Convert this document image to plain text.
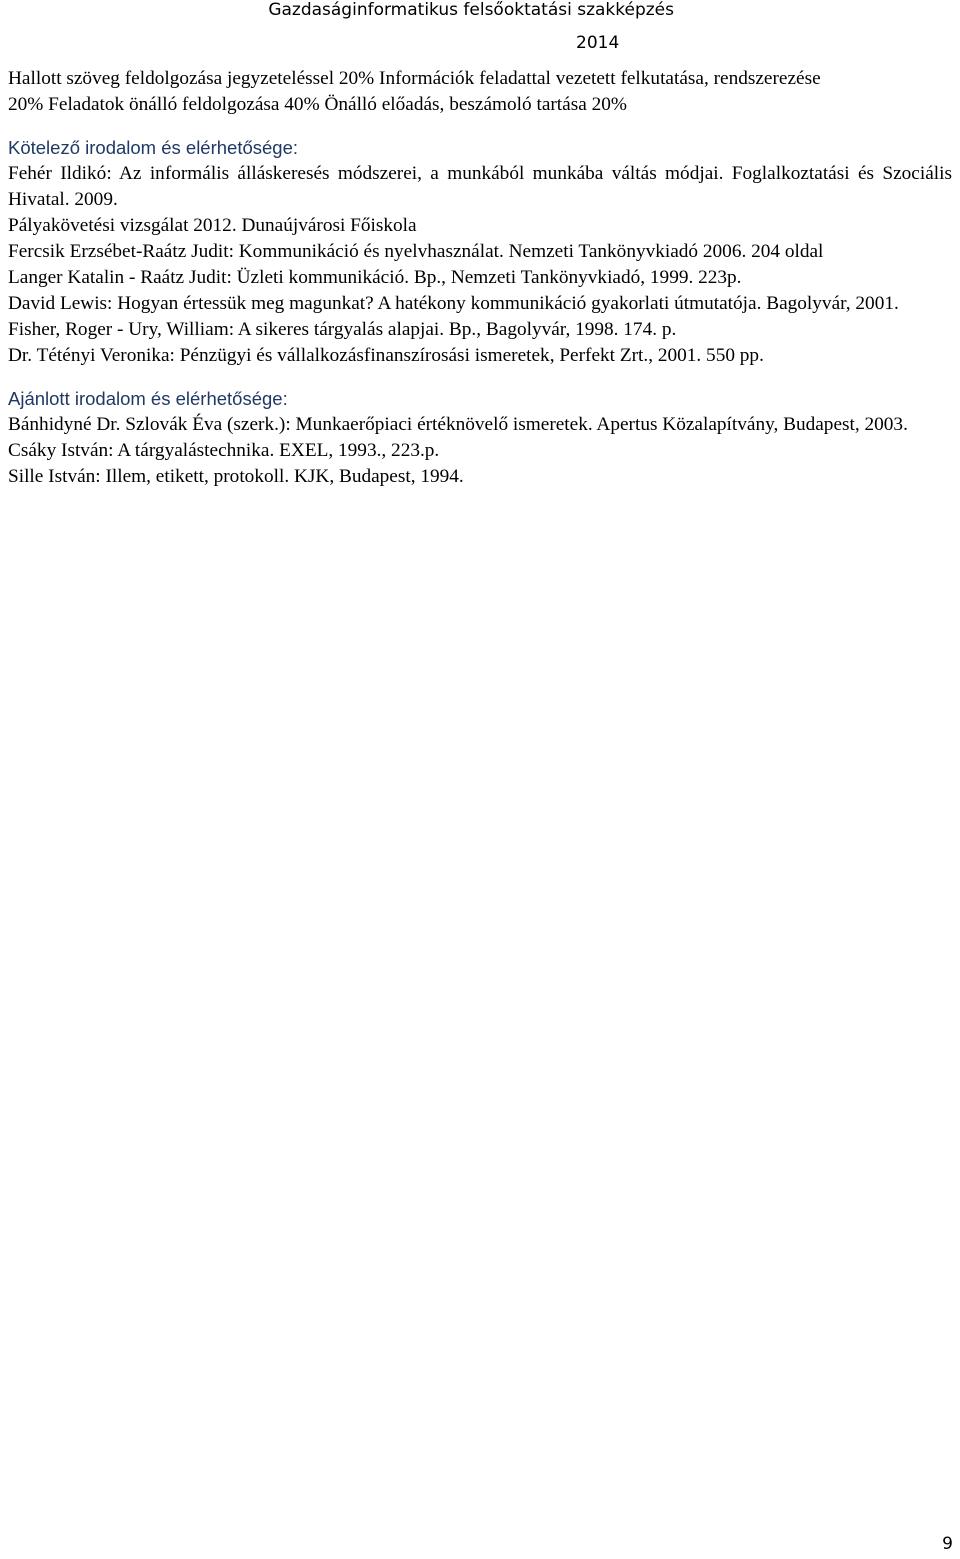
Gazdaságinformatikus felsőoktatási szakképzés
2014

Hallott szöveg feldolgozása jegyzeteléssel 20% Információk feladattal vezetett felkutatása, rendszerezése

20% Feladatok önálló feldolgozása 40% Önálló előadás, beszámoló tartása 20%

Kötelező irodalom és elérhetősége:

Fehér Ildikó: Az informális álláskeresés módszerei, a munkából munkába váltás módjai. Foglalkoztatási és Szociális Hivatal. 2009.

Pályakövetési vizsgálat 2012. Dunaújvárosi Főiskola

Fercsik Erzsébet-Raátz Judit: Kommunikáció és nyelvhasználat. Nemzeti Tankönyvkiadó 2006. 204 oldal

Langer Katalin - Raátz Judit: Üzleti kommunikáció. Bp., Nemzeti Tankönyvkiadó, 1999. 223p.

David Lewis: Hogyan értessük meg magunkat? A hatékony kommunikáció gyakorlati útmutatója. Bagolyvár, 2001.

Fisher, Roger - Ury, William: A sikeres tárgyalás alapjai. Bp., Bagolyvár, 1998. 174. p.

Dr. Tétényi Veronika: Pénzügyi és vállalkozásfinanszírosási ismeretek, Perfekt Zrt., 2001. 550 pp.

Ajánlott irodalom és elérhetősége:

Bánhidyné Dr. Szlovák Éva (szerk.): Munkaerőpiaci értéknövelő ismeretek. Apertus Közalapítvány, Budapest, 2003.

Csáky István: A tárgyalástechnika. EXEL, 1993., 223.p.

Sille István: Illem, etikett, protokoll. KJK, Budapest, 1994.

9
